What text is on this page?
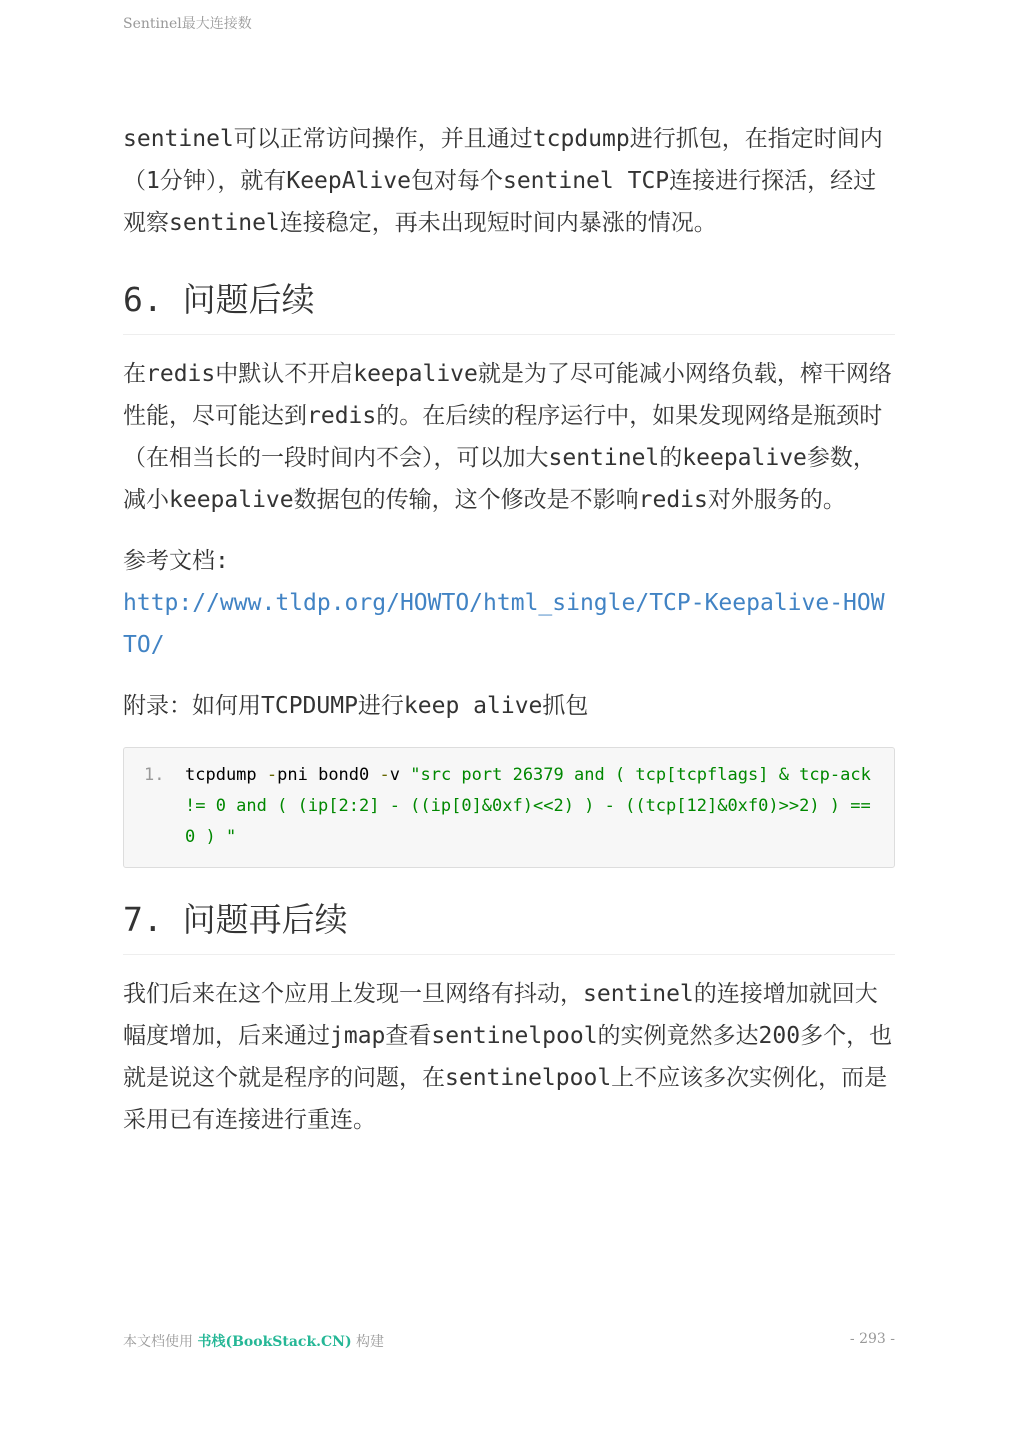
Sentinel最大连接数

sentinel可以正常访问操作，并且通过tcpdump进行抓包，在指定时间内（1分钟），就有KeepAlive包对每个sentinel TCP连接进行探活，经过观察sentinel连接稳定，再未出现短时间内暴涨的情况。

6. 问题后续

在redis中默认不开启keepalive就是为了尽可能减小网络负载，榨干网络性能，尽可能达到redis的。在后续的程序运行中，如果发现网络是瓶颈时（在相当长的一段时间内不会），可以加大sentinel的keepalive参数，减小keepalive数据包的传输，这个修改是不影响redis对外服务的。

参考文档:

http://www.tldp.org/HOWTO/html_single/TCP-Keepalive-HOWTO/

附录：如何用TCPDUMP进行keep alive抓包

1. tcpdump -pni bond0 -v "src port 26379 and ( tcp[tcpflags] & tcp-ack != 0 and ( (ip[2:2] - ((ip[0]&0xf)<<2) ) - ((tcp[12]&0xf0)>>2) ) == 0 ) "
7. 问题再后续

我们后来在这个应用上发现一旦网络有抖动，sentinel的连接增加就回大幅度增加，后来通过jmap查看sentinelpool的实例竟然多达200多个，也就是说这个就是程序的问题，在sentinelpool上不应该多次实例化，而是采用已有连接进行重连。

本文档使用 书栈(BookStack.CN) 构建	- 293 -
